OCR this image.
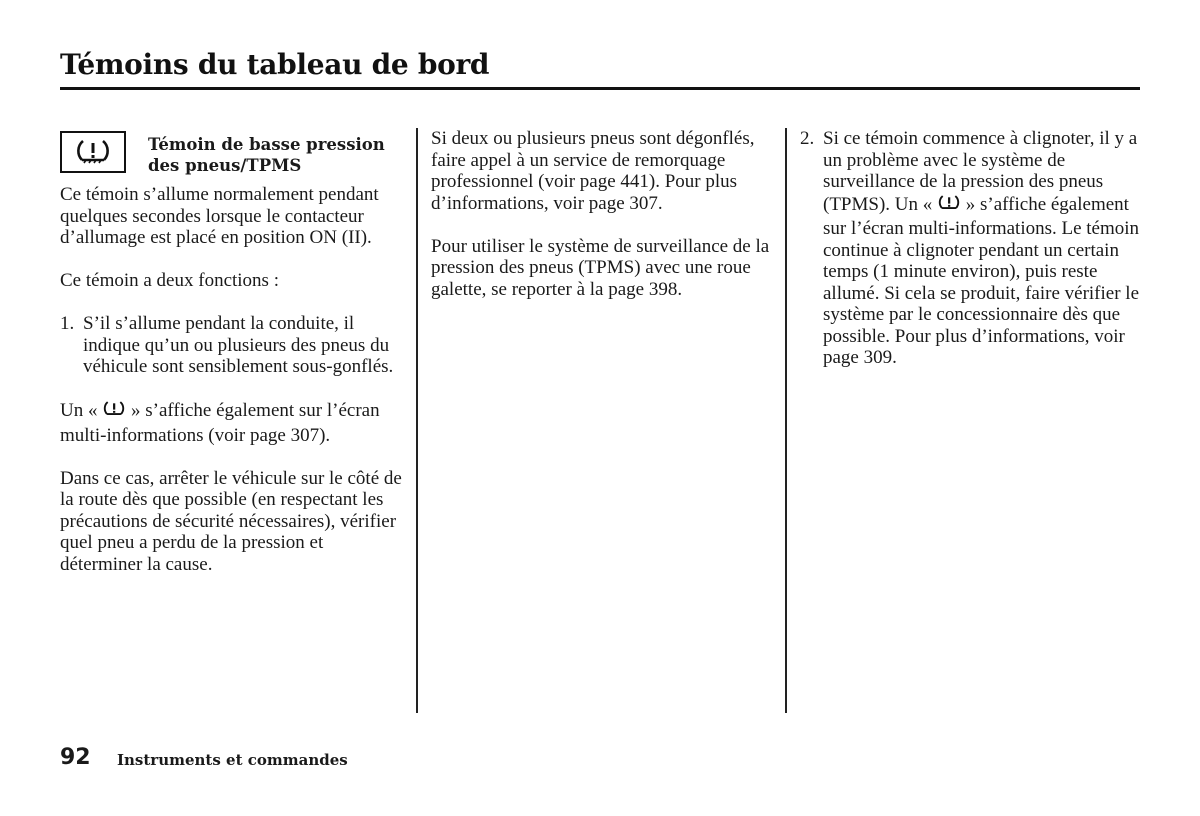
Témoins du tableau de bord
Témoin de basse pression des pneus/TPMS

Ce témoin s’allume normalement pendant quelques secondes lorsque le contacteur d’allumage est placé en position ON (II).

Ce témoin a deux fonctions :

1. S’il s’allume pendant la conduite, il indique qu’un ou plusieurs des pneus du véhicule sont sensiblement sous-gonflés.

Un « » s’affiche également sur l’écran multi-informations (voir page 307).

Dans ce cas, arrêter le véhicule sur le côté de la route dès que possible (en respectant les précautions de sécurité nécessaires), vérifier quel pneu a perdu de la pression et déterminer la cause.

Si deux ou plusieurs pneus sont dégonflés, faire appel à un service de remorquage professionnel (voir page 441). Pour plus d’informations, voir page 307.

Pour utiliser le système de surveillance de la pression des pneus (TPMS) avec une roue galette, se reporter à la page 398.

2. Si ce témoin commence à clignoter, il y a un problème avec le système de surveillance de la pression des pneus (TPMS). Un « » s’affiche également sur l’écran multi-informations. Le témoin continue à clignoter pendant un certain temps (1 minute environ), puis reste allumé. Si cela se produit, faire vérifier le système par le concessionnaire dès que possible. Pour plus d’informations, voir page 309.
92 Instruments et commandes
